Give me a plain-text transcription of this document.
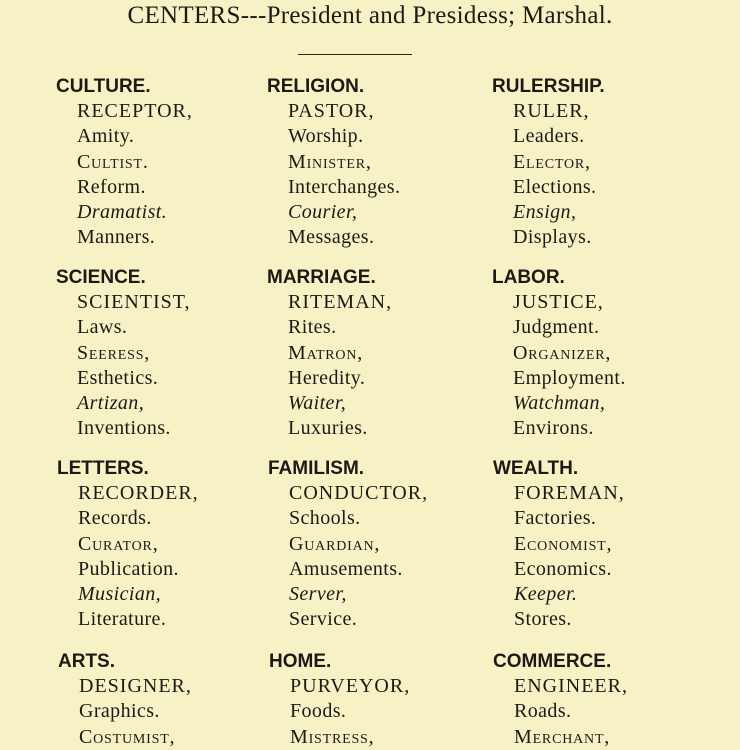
CENTERS---President and Presidess; Marshal.
CULTURE.
RECEPTOR,
Amity.
Cultist.
Reform.
Dramatist.
Manners.
RELIGION.
PASTOR,
Worship.
Minister,
Interchanges.
Courier,
Messages.
RULERSHIP.
RULER,
Leaders.
Elector,
Elections.
Ensign,
Displays.
SCIENCE.
SCIENTIST,
Laws.
Seeress,
Esthetics.
Artizan,
Inventions.
MARRIAGE.
RITEMAN,
Rites.
Matron,
Heredity.
Waiter,
Luxuries.
LABOR.
JUSTICE,
Judgment.
Organizer,
Employment.
Watchman,
Environs.
LETTERS.
RECORDER,
Records.
Curator,
Publication.
Musician,
Literature.
FAMILISM.
CONDUCTOR,
Schools.
Guardian,
Amusements.
Server,
Service.
WEALTH.
FOREMAN,
Factories.
Economist,
Economics.
Keeper.
Stores.
ARTS.
DESIGNER,
Graphics.
Costumist,
HOME.
PURVEYOR,
Foods.
Mistress,
COMMERCE.
ENGINEER,
Roads.
Merchant,
